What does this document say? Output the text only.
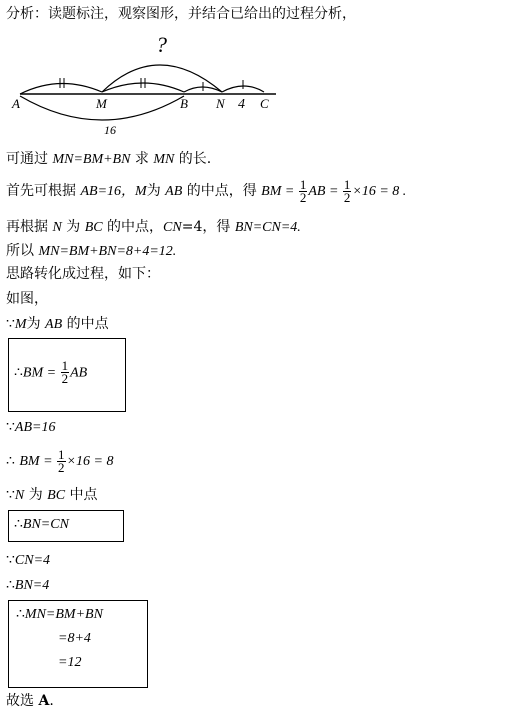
分析：读题标注，观察图形，并结合已给出的过程分析，
?
A	M	B N 4 C
16
可通过 MN=BM+BN 求 MN 的长.
首先可根据 AB=16，M为 AB 的中点，得 BM = $\frac{1}{2}$ AB = $\frac{1}{2} \times 16 = 8$ .
再根据 N 为 BC 的中点，CN=4，得 BN=CN=4.
所以 MN=BM+BN=8+4=12.
思路转化成过程，如下：
如图，
∵M为 AB 的中点
∴BM = $\frac{1}{2}$ AB
∵AB=16
∴ BM = $\frac{1}{2} \times 16 = 8$
∵N 为 BC 中点
∴BN=CN
∵CN=4
∴BN=4
∴MN=BM+BN
=8+4
=12
故选 A.
